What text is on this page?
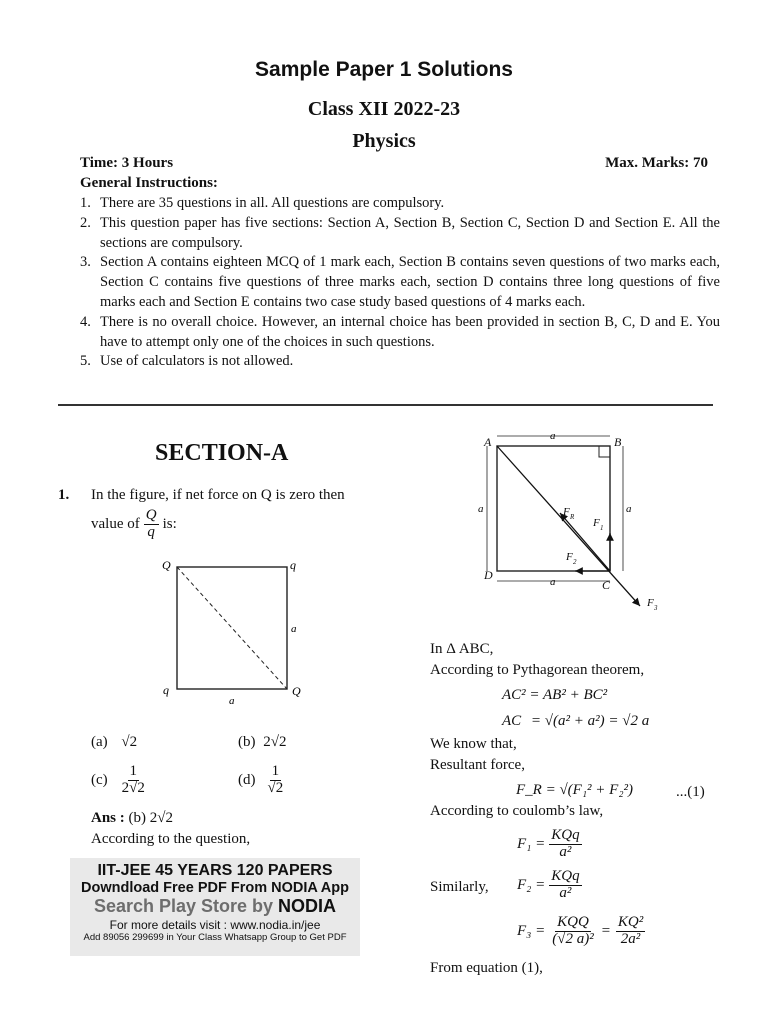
Sample Paper 1 Solutions
Class XII 2022-23
Physics
Time: 3 Hours	Max. Marks: 70
General Instructions:
1. There are 35 questions in all. All questions are compulsory.
2. This question paper has five sections: Section A, Section B, Section C, Section D and Section E. All the sections are compulsory.
3. Section A contains eighteen MCQ of 1 mark each, Section B contains seven questions of two marks each, Section C contains five questions of three marks each, section D contains three long questions of five marks each and Section E contains two case study based questions of 4 marks each.
4. There is no overall choice. However, an internal choice has been provided in section B, C, D and E. You have to attempt only one of the choices in such questions.
5. Use of calculators is not allowed.
SECTION-A
1. In the figure, if net force on Q is zero then
value of $\frac{Q}{q}$ is:
Q	q
q	Q
a
a
(a) √2	(b) 2√2
$(c) \frac{1}{2√2}$	$(d) \frac{1}{√2}$
Ans : (b) 2√2
According to the question,
IIT-JEE 45 YEARS 120 PAPERS
Downdload Free PDF From NODIA App
Search Play Store by NODIA
For more details visit : www.nodia.in/jee
Add 89056 299699 in Your Class Whatsapp Group to Get PDF
A	B
C
D
a
a	a
a
F R F 1
F 2
F 3
In Δ ABC,
According to Pythagorean theorem,
AC² = AB² + BC²
AC = √(a² + a²) = √2 a
We know that,
Resultant force,
F_R = √(F₁² + F₂²)	...(1)
According to coulomb’s law,
$F_1 = \frac{\text{KQq}}{\text{a²}}$
Similarly, $F_2 = \frac{\text{KQq}}{\text{a²}}$
$F_3 = \frac{\text{KQQ}}{\text{(√2 a)²}} = \frac{\text{KQ²}}{\text{2a²}}$
From equation (1),
